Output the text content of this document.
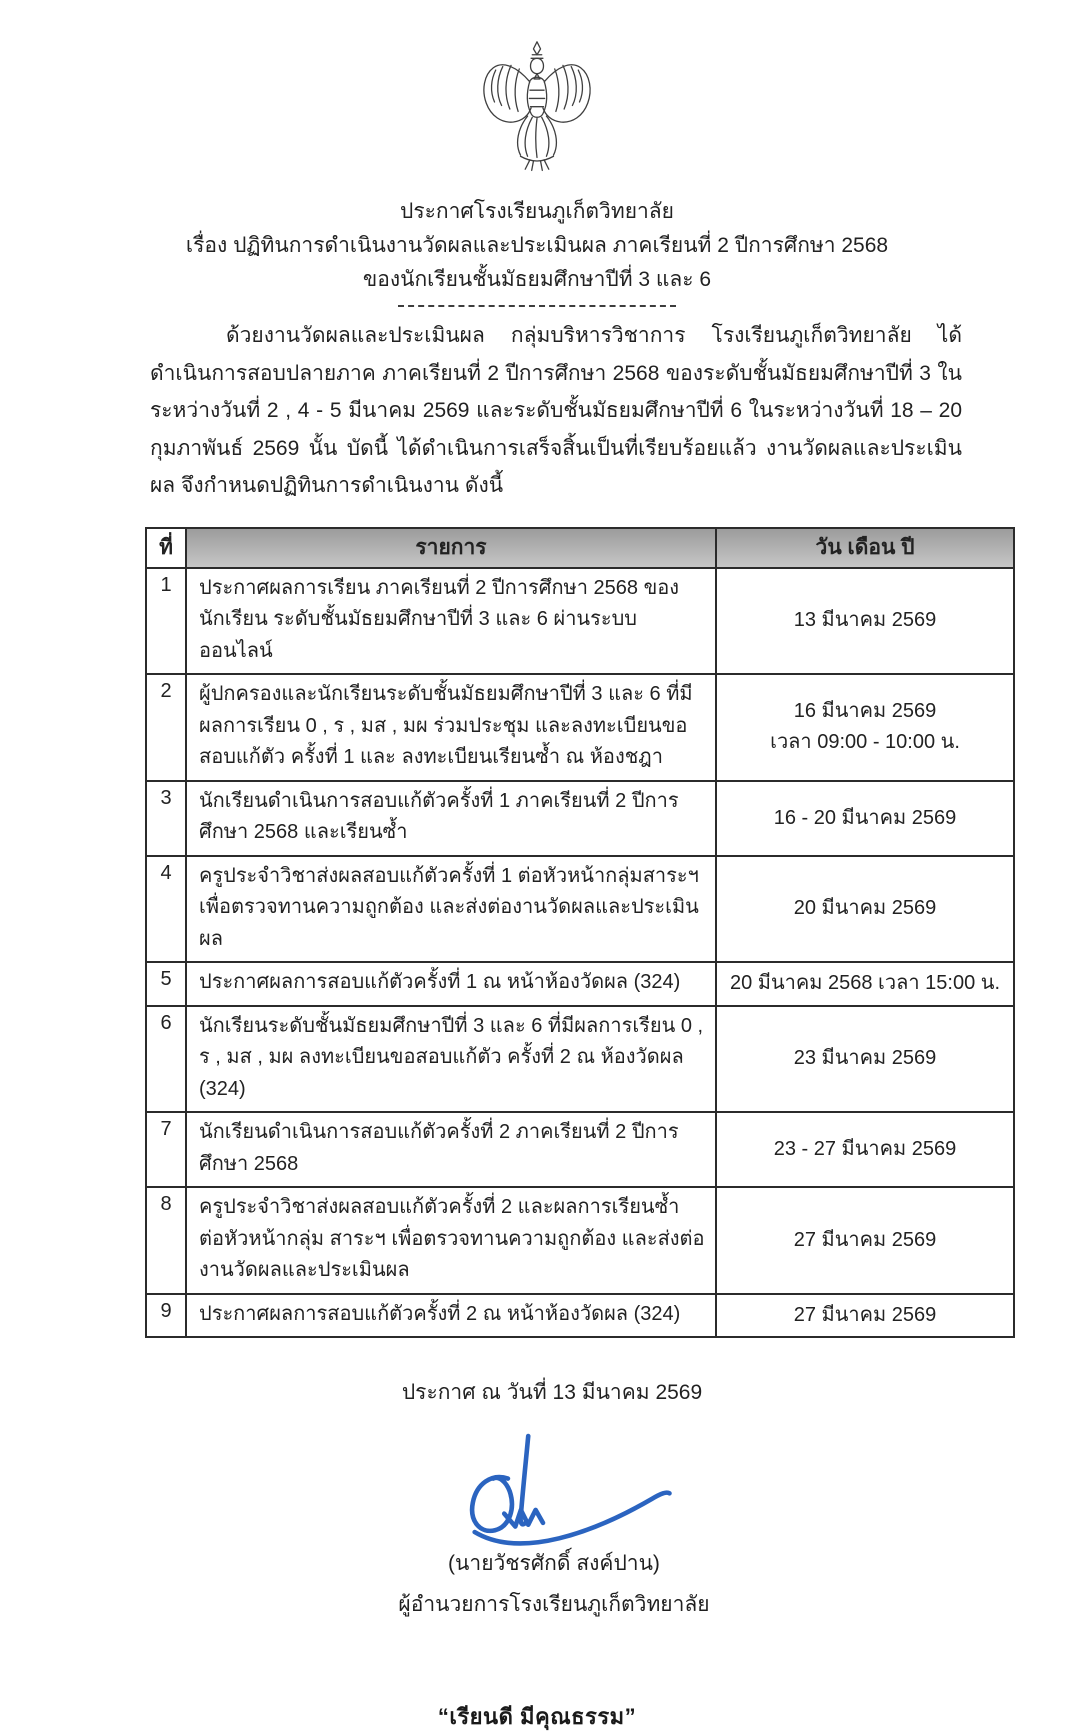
ประกาศโรงเรียนภูเก็ตวิทยาลัย
เรื่อง ปฏิทินการดำเนินงานวัดผลและประเมินผล ภาคเรียนที่ 2 ปีการศึกษา 2568
ของนักเรียนชั้นมัธยมศึกษาปีที่ 3 และ 6

ด้วยงานวัดผลและประเมินผล กลุ่มบริหารวิชาการ โรงเรียนภูเก็ตวิทยาลัย ได้ดำเนินการสอบปลายภาค ภาคเรียนที่ 2 ปีการศึกษา 2568 ของระดับชั้นมัธยมศึกษาปีที่ 3 ในระหว่างวันที่ 2 , 4 - 5 มีนาคม 2569 และระดับชั้นมัธยมศึกษาปีที่ 6 ในระหว่างวันที่ 18 – 20 กุมภาพันธ์ 2569 นั้น บัดนี้ ได้ดำเนินการเสร็จสิ้นเป็นที่เรียบร้อยแล้ว งานวัดผลและประเมินผล จึงกำหนดปฏิทินการดำเนินงาน ดังนี้

ที่	รายการ	วัน เดือน ปี
1	ประกาศผลการเรียน ภาคเรียนที่ 2 ปีการศึกษา 2568 ของนักเรียน ระดับชั้นมัธยมศึกษาปีที่ 3 และ 6 ผ่านระบบออนไลน์	13 มีนาคม 2569

2	ผู้ปกครองและนักเรียนระดับชั้นมัธยมศึกษาปีที่ 3 และ 6 ที่มีผลการเรียน 0 , ร , มส , มผ ร่วมประชุม และลงทะเบียนขอสอบแก้ตัว ครั้งที่ 1 และ ลงทะเบียนเรียนซ้ำ ณ ห้องชฎา	16 มีนาคม 2569
เวลา 09:00 - 10:00 น.

3	นักเรียนดำเนินการสอบแก้ตัวครั้งที่ 1 ภาคเรียนที่ 2 ปีการศึกษา 2568 และเรียนซ้ำ	16 - 20 มีนาคม 2569

4	ครูประจำวิชาส่งผลสอบแก้ตัวครั้งที่ 1 ต่อหัวหน้ากลุ่มสาระฯ เพื่อตรวจทานความถูกต้อง และส่งต่องานวัดผลและประเมินผล	20 มีนาคม 2569

5	ประกาศผลการสอบแก้ตัวครั้งที่ 1 ณ หน้าห้องวัดผล (324)	20 มีนาคม 2568 เวลา 15:00 น.

6	นักเรียนระดับชั้นมัธยมศึกษาปีที่ 3 และ 6 ที่มีผลการเรียน 0 , ร , มส , มผ ลงทะเบียนขอสอบแก้ตัว ครั้งที่ 2 ณ ห้องวัดผล (324)	23 มีนาคม 2569

7	นักเรียนดำเนินการสอบแก้ตัวครั้งที่ 2 ภาคเรียนที่ 2 ปีการศึกษา 2568	23 - 27 มีนาคม 2569

8	ครูประจำวิชาส่งผลสอบแก้ตัวครั้งที่ 2 และผลการเรียนซ้ำ ต่อหัวหน้ากลุ่ม สาระฯ เพื่อตรวจทานความถูกต้อง และส่งต่องานวัดผลและประเมินผล	27 มีนาคม 2569

9	ประกาศผลการสอบแก้ตัวครั้งที่ 2 ณ หน้าห้องวัดผล (324)	27 มีนาคม 2569
ประกาศ ณ วันที่ 13 มีนาคม 2569
(นายวัชรศักดิ์ สงค์ปาน)
ผู้อำนวยการโรงเรียนภูเก็ตวิทยาลัย
“เรียนดี มีคุณธรรม”
